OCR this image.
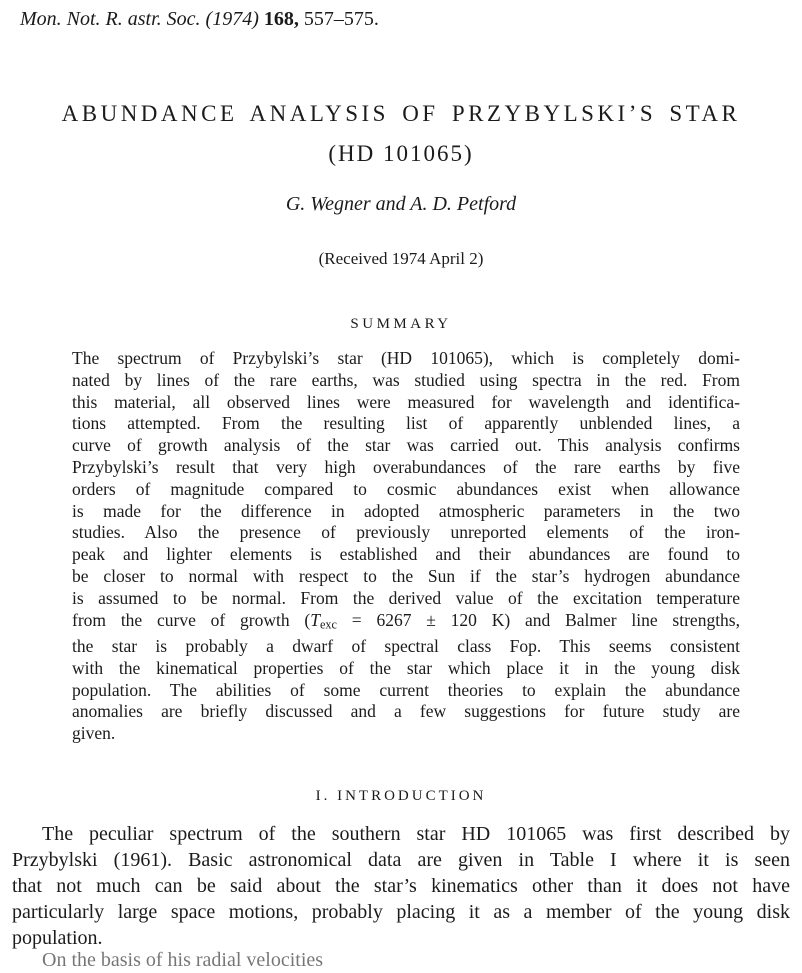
Mon. Not. R. astr. Soc. (1974) 168, 557–575.
ABUNDANCE ANALYSIS OF PRZYBYLSKI’S STAR
(HD 101065)
G. Wegner and A. D. Petford
(Received 1974 April 2)
SUMMARY
The spectrum of Przybylski’s star (HD 101065), which is completely domi-
nated by lines of the rare earths, was studied using spectra in the red. From
this material, all observed lines were measured for wavelength and identifica-
tions attempted. From the resulting list of apparently unblended lines, a
curve of growth analysis of the star was carried out. This analysis confirms
Przybylski’s result that very high overabundances of the rare earths by five
orders of magnitude compared to cosmic abundances exist when allowance
is made for the difference in adopted atmospheric parameters in the two
studies. Also the presence of previously unreported elements of the iron-
peak and lighter elements is established and their abundances are found to
be closer to normal with respect to the Sun if the star’s hydrogen abundance
is assumed to be normal. From the derived value of the excitation temperature
from the curve of growth (Texc = 6267 ± 120 K) and Balmer line strengths,
the star is probably a dwarf of spectral class Fop. This seems consistent
with the kinematical properties of the star which place it in the young disk
population. The abilities of some current theories to explain the abundance
anomalies are briefly discussed and a few suggestions for future study are
given.
I. INTRODUCTION
The peculiar spectrum of the southern star HD 101065 was first described by
Przybylski (1961). Basic astronomical data are given in Table I where it is seen
that not much can be said about the star’s kinematics other than it does not have
particularly large space motions, probably placing it as a member of the young disk
population.
On the basis of his radial velocities
